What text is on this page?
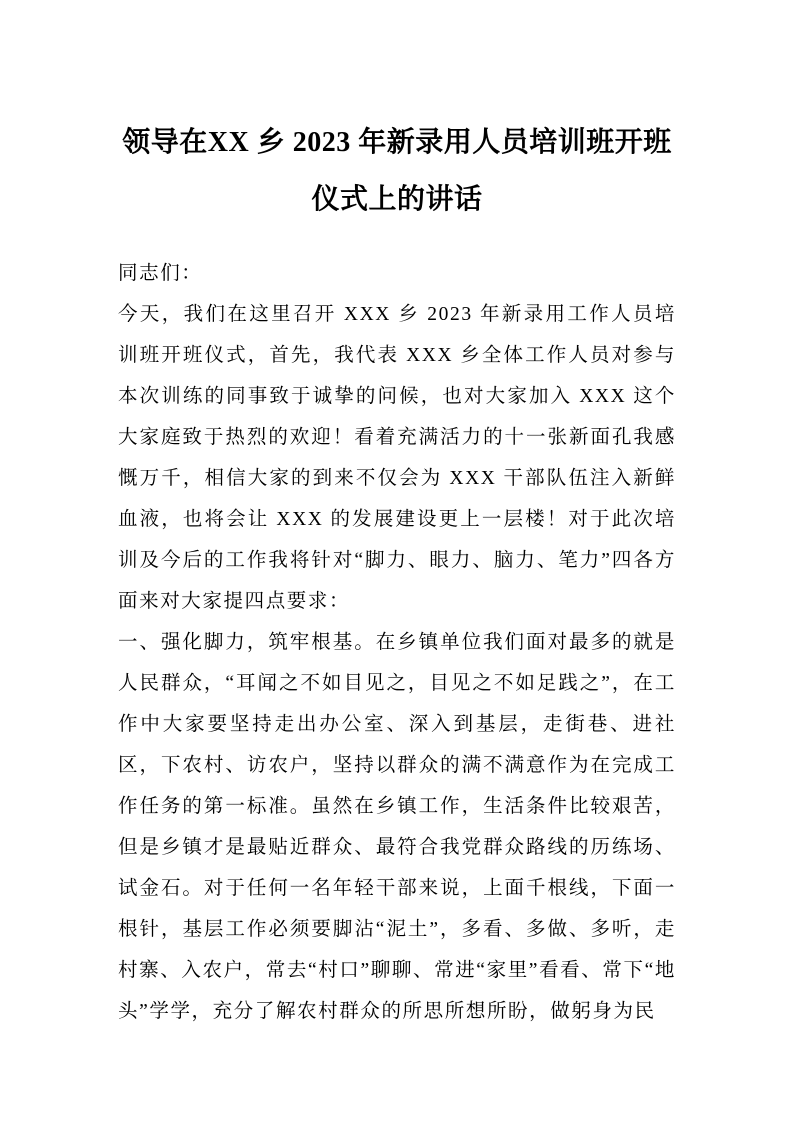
领导在XX 乡 2023 年新录用人员培训班开班
仪式上的讲话

同志们：

今天，我们在这里召开 XXX 乡 2023 年新录用工作人员培训班开班仪式，首先，我代表 XXX 乡全体工作人员对参与本次训练的同事致于诚挚的问候，也对大家加入 XXX 这个大家庭致于热烈的欢迎！看着充满活力的十一张新面孔我感慨万千，相信大家的到来不仅会为 XXX 干部队伍注入新鲜血液，也将会让 XXX 的发展建设更上一层楼！对于此次培训及今后的工作我将针对“脚力、眼力、脑力、笔力”四各方面来对大家提四点要求：

一、强化脚力，筑牢根基。在乡镇单位我们面对最多的就是人民群众，“耳闻之不如目见之，目见之不如足践之”，在工作中大家要坚持走出办公室、深入到基层，走街巷、进社区，下农村、访农户，坚持以群众的满不满意作为在完成工作任务的第一标准。虽然在乡镇工作，生活条件比较艰苦，但是乡镇才是最贴近群众、最符合我党群众路线的历练场、试金石。对于任何一名年轻干部来说，上面千根线，下面一根针，基层工作必须要脚沾“泥土”，多看、多做、多听，走村寨、入农户，常去“村口”聊聊、常进“家里”看看、常下“地头”学学，充分了解农村群众的所思所想所盼，做躬身为民
